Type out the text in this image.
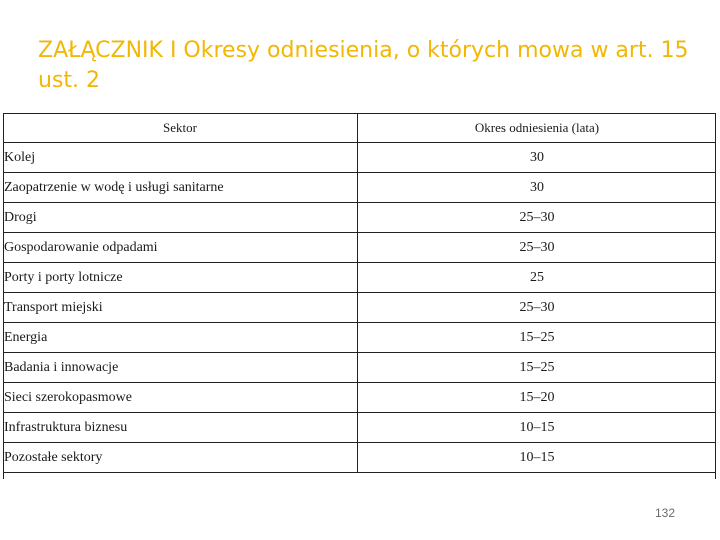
ZAŁĄCZNIK I Okresy odniesienia, o których mowa w art. 15 ust. 2
Sektor	Okres odniesienia (lata)
Kolej	30
Zaopatrzenie w wodę i usługi sanitarne	30
Drogi	25–30
Gospodarowanie odpadami	25–30
Porty i porty lotnicze	25
Transport miejski	25–30
Energia	15–25
Badania i innowacje	15–25
Sieci szerokopasmowe	15–20
Infrastruktura biznesu	10–15
Pozostałe sektory	10–15
132
